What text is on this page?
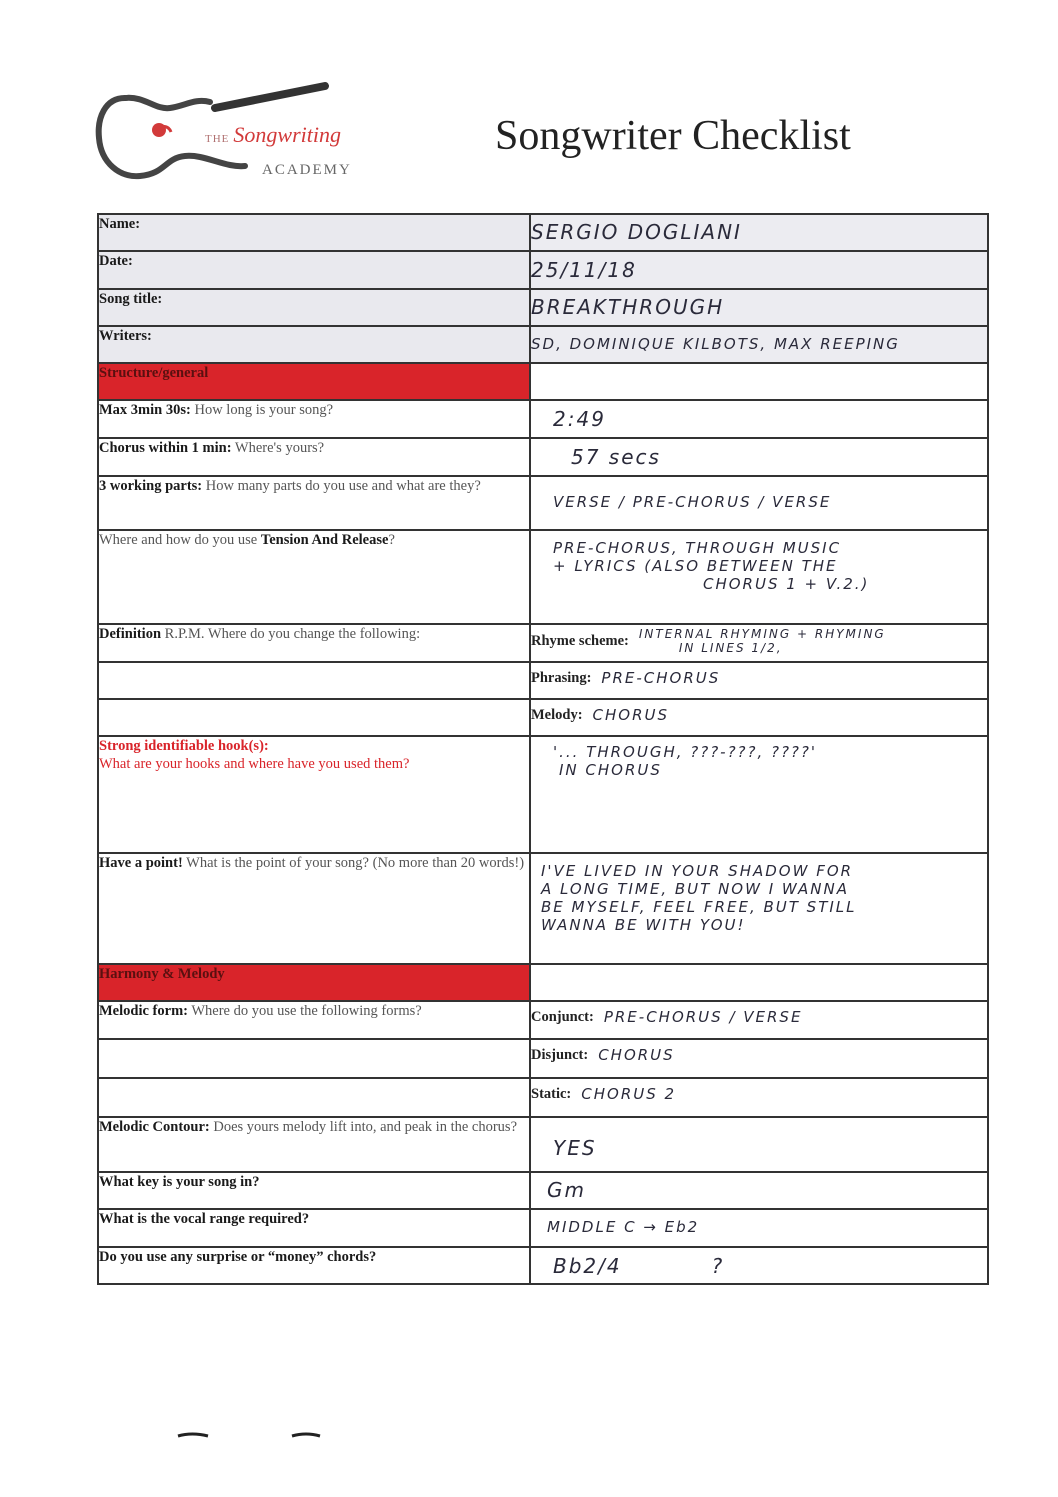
THE Songwriting
ACADEMY
Songwriter Checklist
Name:	SERGIO DOGLIANI

Date:	25/11/18

Song title:	BREAKTHROUGH

Writers:	SD, DOMINIQUE KILBOTS, MAX REEPING

Structure/general	
Max 3min 30s: How long is your song?	2:49

Chorus within 1 min: Where's yours?	57 secs

3 working parts: How many parts do you use and what are they?	VERSE / PRE-CHORUS / VERSE

Where and how do you use Tension And Release?	PRE-CHORUS, THROUGH MUSIC
+ LYRICS (ALSO BETWEEN THE
CHORUS 1 + V.2.)

Definition R.P.M. Where do you change the following:	Rhyme scheme: INTERNAL RHYMING + RHYMING
IN LINES 1/2,

	Phrasing: PRE-CHORUS

	Melody: CHORUS

Strong identifiable hook(s):
What are your hooks and where have you used them?	'... THROUGH, ???-???, ????'
IN CHORUS

Have a point! What is the point of your song? (No more than 20 words!)	I'VE LIVED IN YOUR SHADOW FOR
A LONG TIME, BUT NOW I WANNA
BE MYSELF, FEEL FREE, BUT STILL
WANNA BE WITH YOU!

Harmony & Melody	
Melodic form: Where do you use the following forms?	Conjunct: PRE-CHORUS / VERSE

	Disjunct: CHORUS

	Static: CHORUS 2

Melodic Contour: Does yours melody lift into, and peak in the chorus?	YES

What key is your song in?	Gm

What is the vocal range required?	MIDDLE C → Eb2

Do you use any surprise or “money” chords?	Bb2/4 ?
